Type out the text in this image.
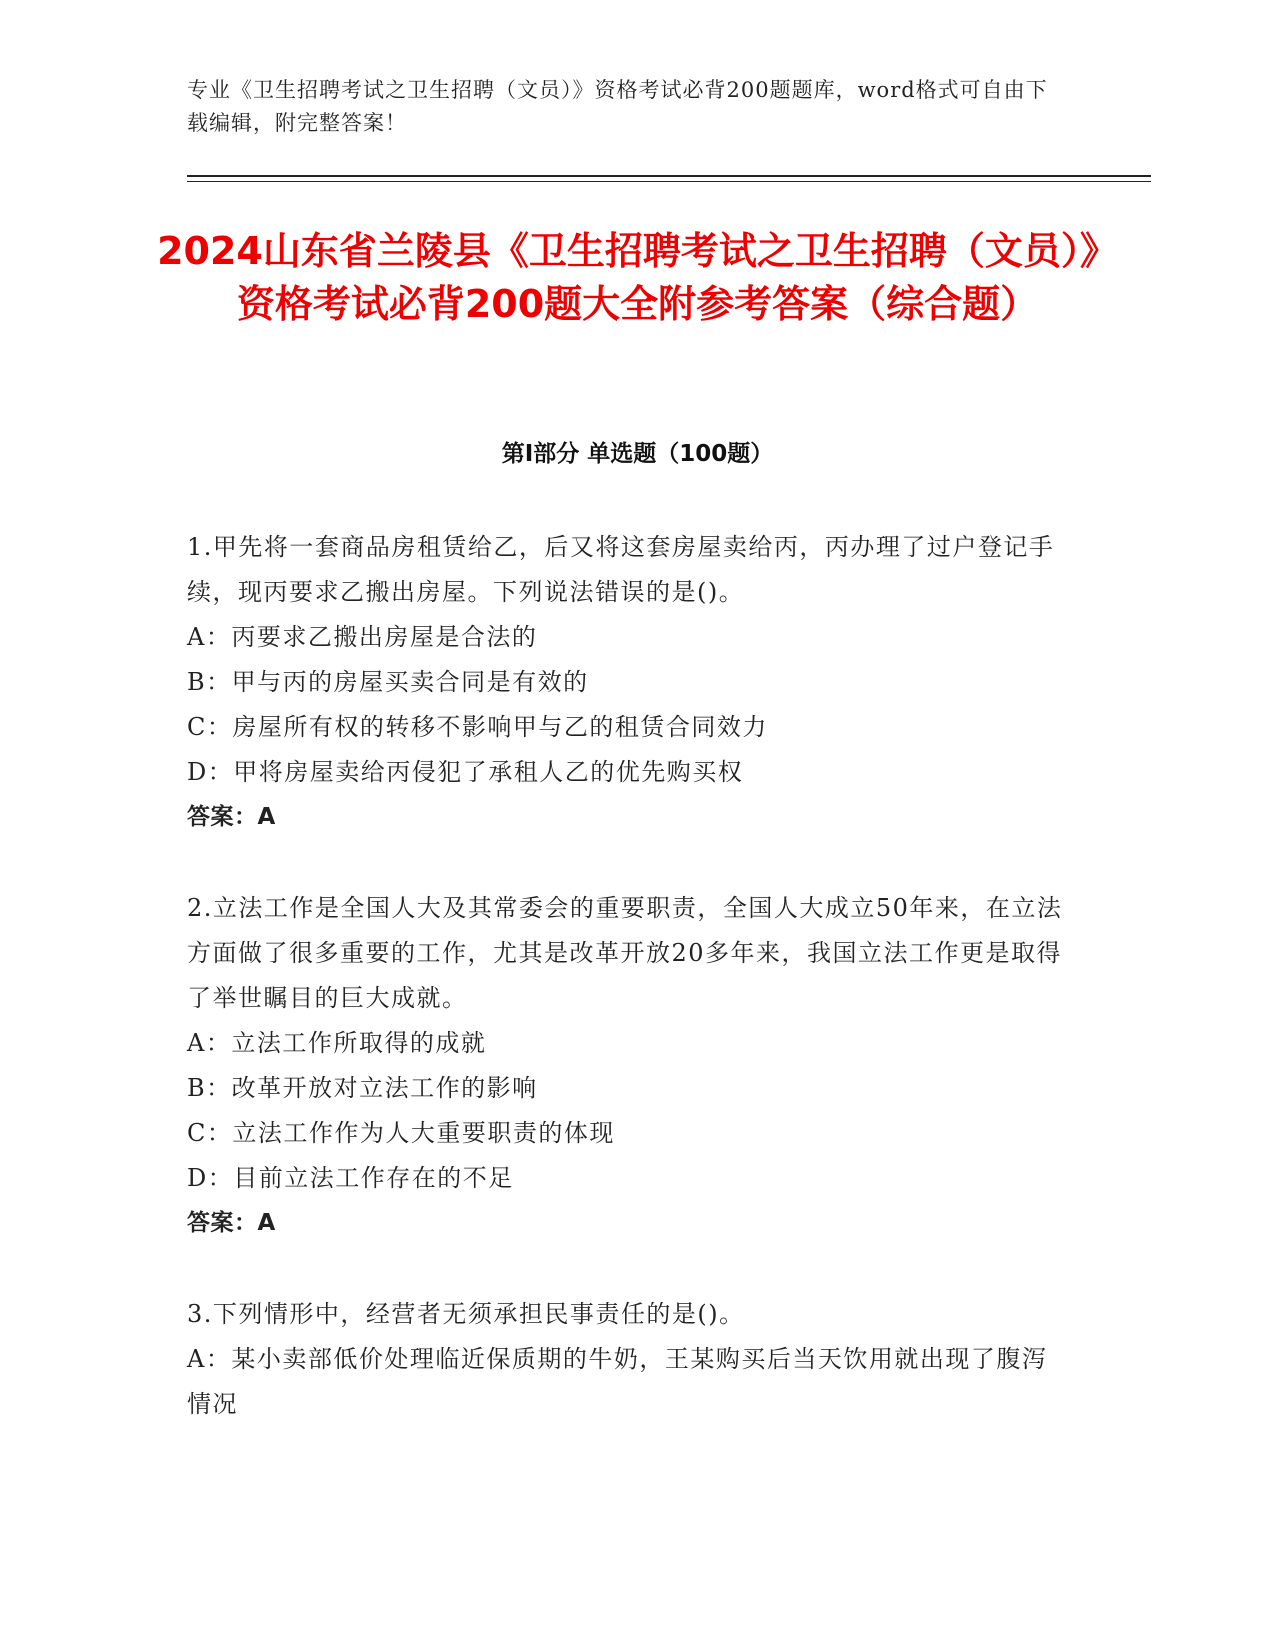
专业《卫生招聘考试之卫生招聘（文员）》资格考试必背200题题库，word格式可自由下载编辑，附完整答案！
2024山东省兰陵县《卫生招聘考试之卫生招聘（文员）》资格考试必背200题大全附参考答案（综合题）
第Ⅰ部分 单选题（100题）

1.甲先将一套商品房租赁给乙，后又将这套房屋卖给丙，丙办理了过户登记手续，现丙要求乙搬出房屋。下列说法错误的是()。

A：丙要求乙搬出房屋是合法的

B：甲与丙的房屋买卖合同是有效的

C：房屋所有权的转移不影响甲与乙的租赁合同效力

D：甲将房屋卖给丙侵犯了承租人乙的优先购买权

答案：A

2.立法工作是全国人大及其常委会的重要职责，全国人大成立50年来，在立法方面做了很多重要的工作，尤其是改革开放20多年来，我国立法工作更是取得了举世瞩目的巨大成就。

A：立法工作所取得的成就

B：改革开放对立法工作的影响

C：立法工作作为人大重要职责的体现

D：目前立法工作存在的不足

答案：A

3.下列情形中，经营者无须承担民事责任的是()。

A：某小卖部低价处理临近保质期的牛奶，王某购买后当天饮用就出现了腹泻情况
